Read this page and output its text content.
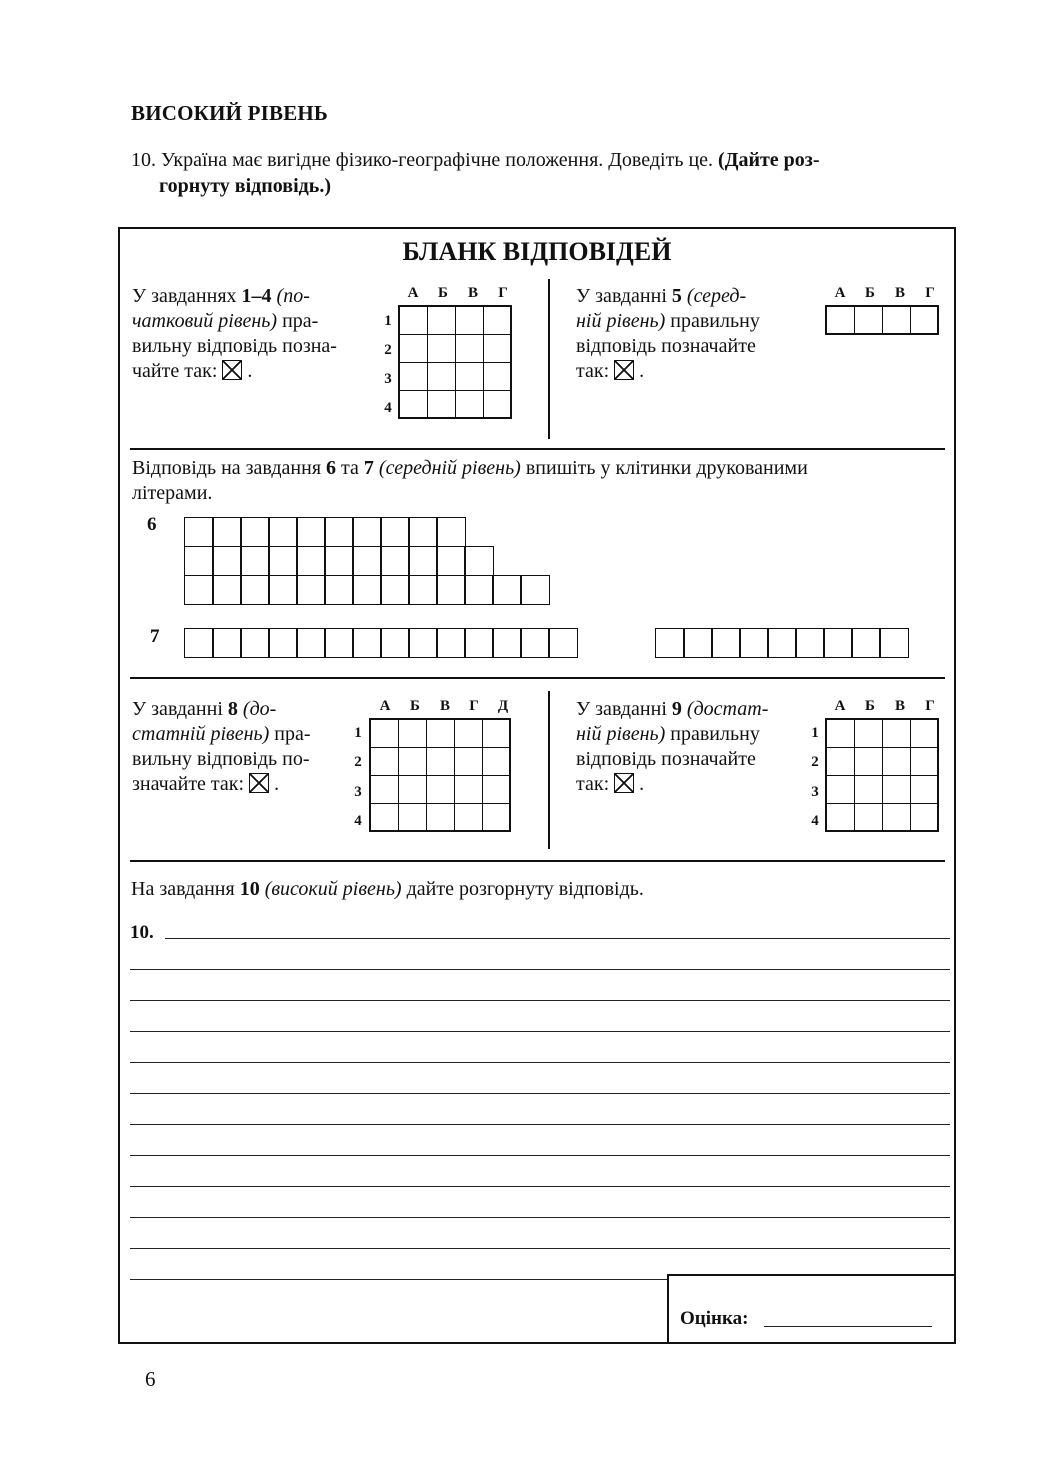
ВИСОКИЙ РІВЕНЬ
10. Україна має вигідне фізико-географічне положення. Доведіть це. (Дайте роз-
горнуту відповідь.)
БЛАНК ВІДПОВІДЕЙ
У завданнях 1–4 (по-
чатковий рівень) пра-
вильну відповідь позна-
чайте так: .
А	Б	В	Г
1
2
3
4

У завданні 5 (серед-
ній рівень) правильну
відповідь позначайте
так: .
А	Б	В	Г

Відповідь на завдання 6 та 7 (середній рівень) впишіть у клітинки друкованими
літерами.
6
7
У завданні 8 (до-
статній рівень) пра-
вильну відповідь по-
значайте так: .
А	Б	В	Г	Д
1
2
3
4

У завданні 9 (достат-
ній рівень) правильну
відповідь позначайте
так: .
А	Б	В	Г
1
2
3
4

На завдання 10 (високий рівень) дайте розгорнуту відповідь.
10.
Оцінка:
6
